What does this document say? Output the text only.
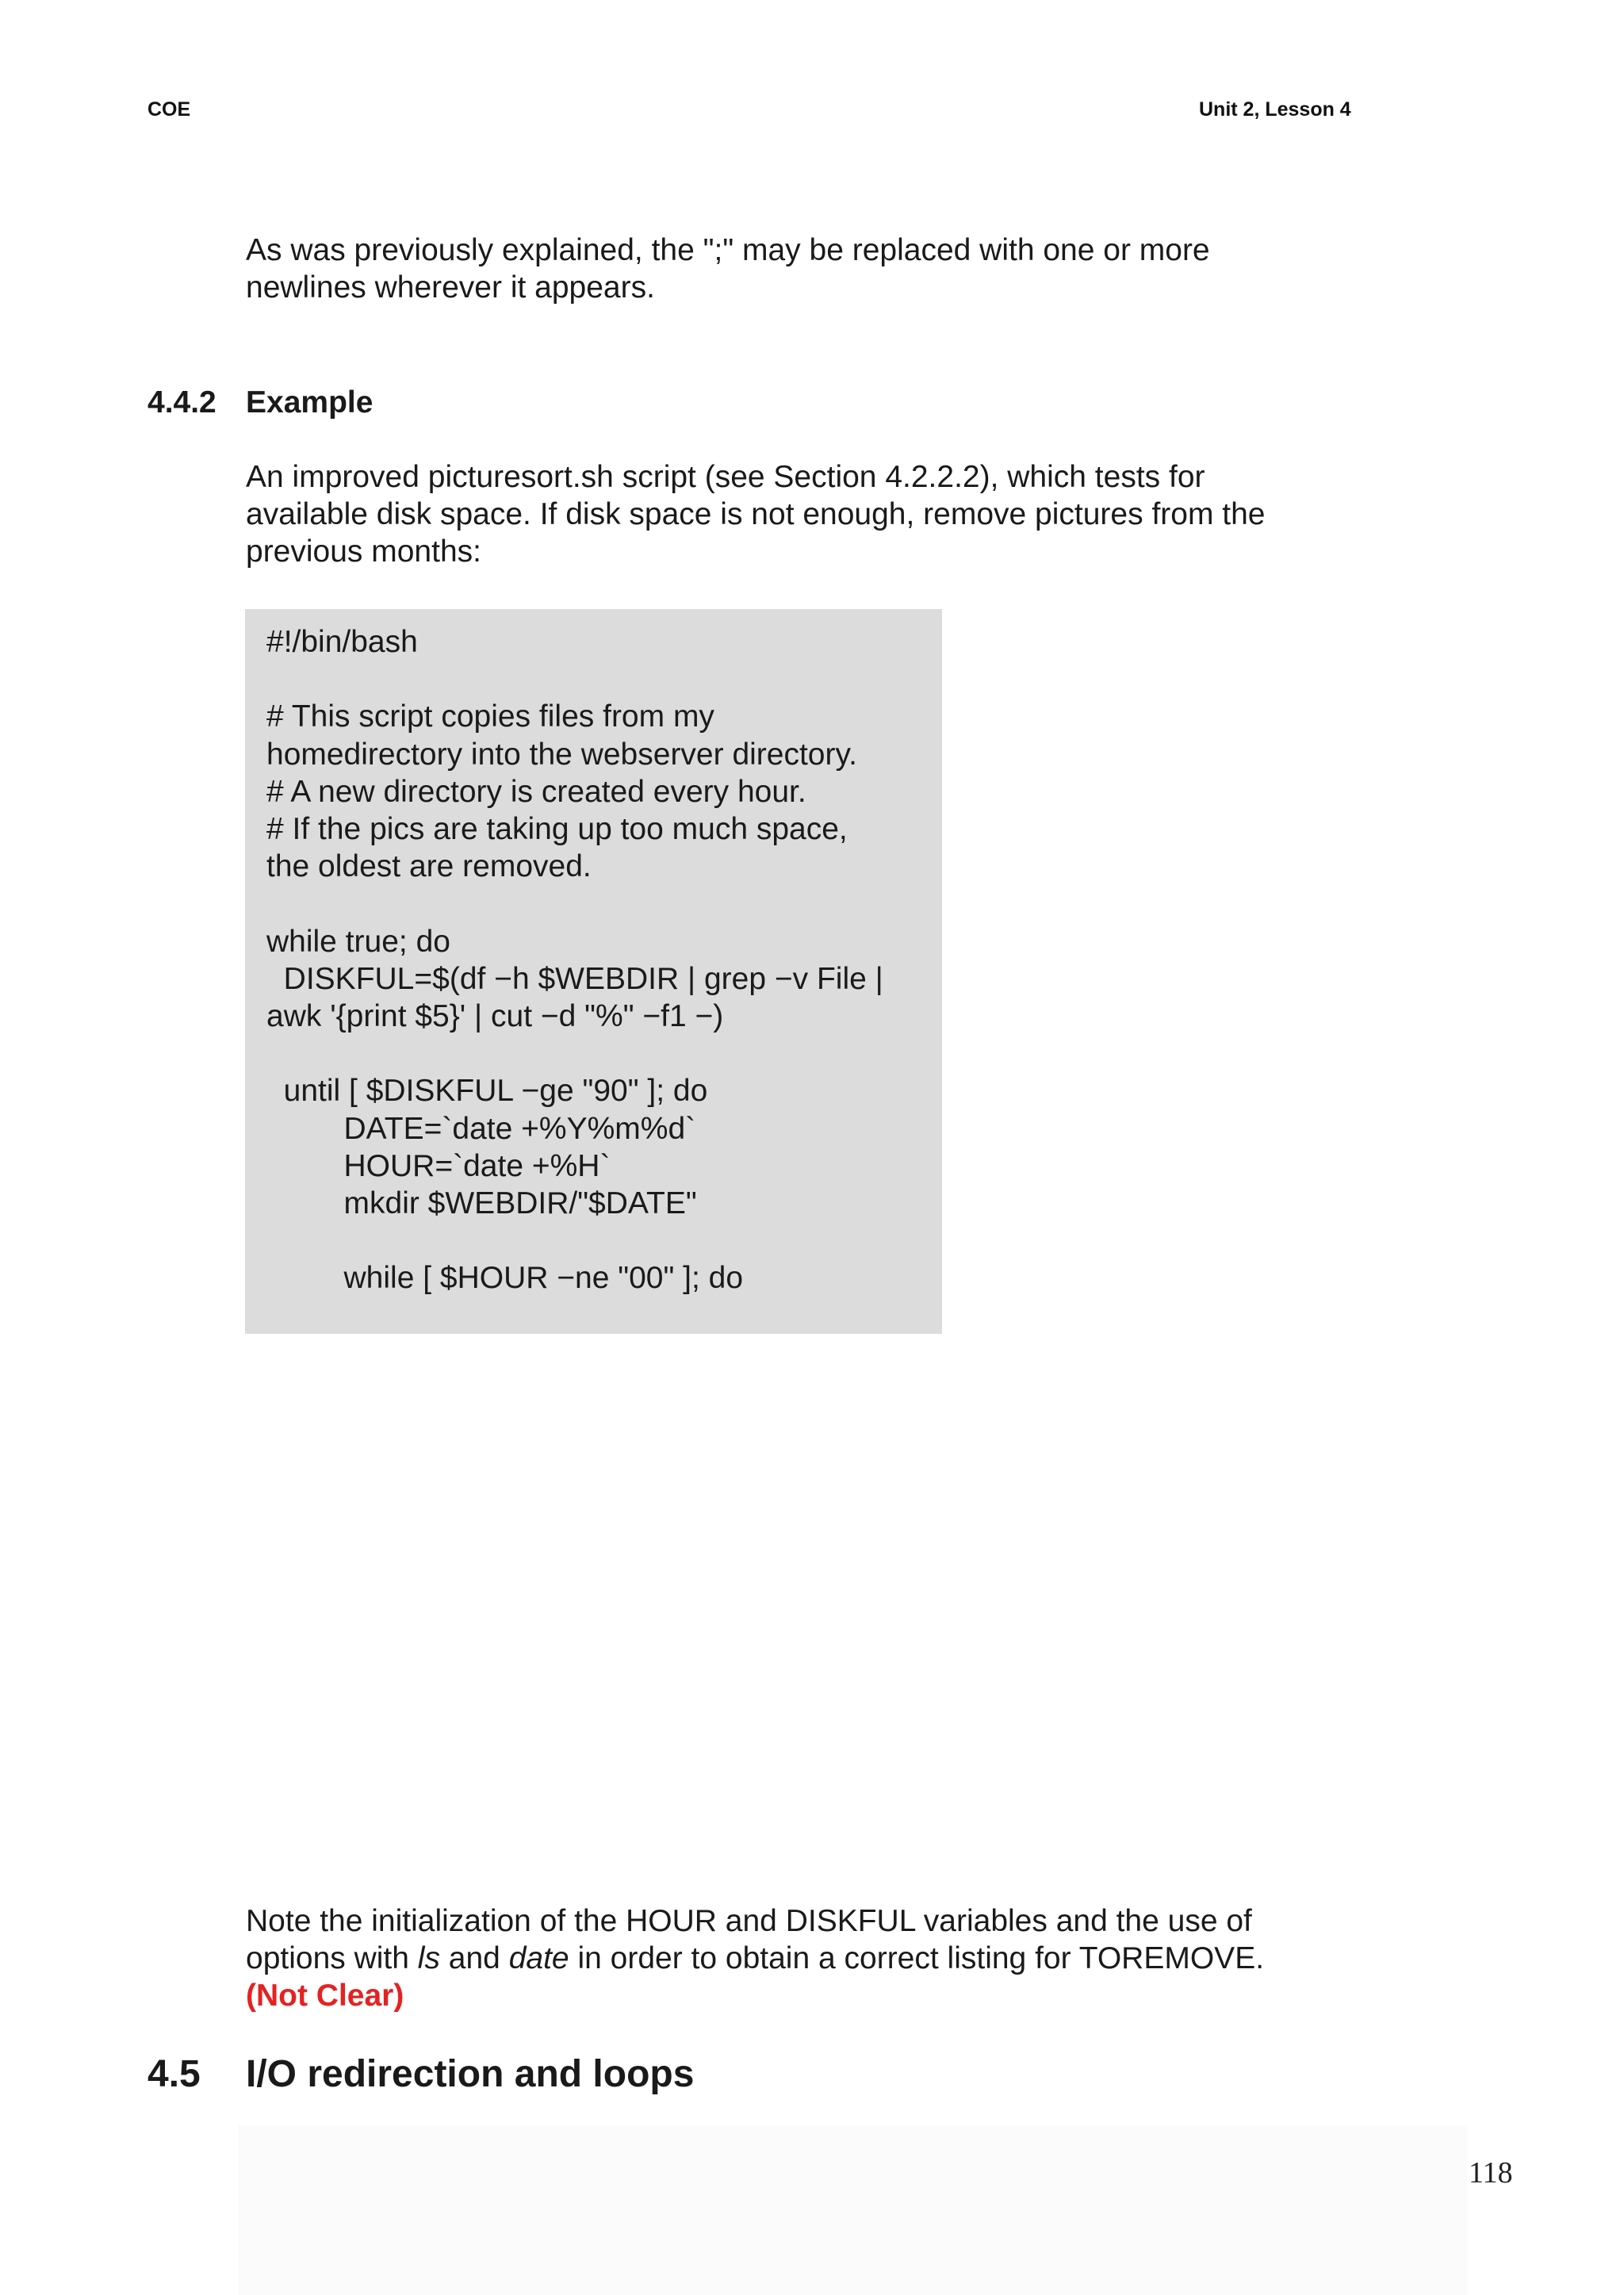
COE	Unit 2, Lesson 4

As was previously explained, the ";" may be replaced with one or more
newlines wherever it appears.

4.4.2 Example

An improved picturesort.sh script (see Section 4.2.2.2), which tests for
available disk space. If disk space is not enough, remove pictures from the
previous months:

#!/bin/bash

# This script copies files from my
homedirectory into the webserver directory.
# A new directory is created every hour.
# If the pics are taking up too much space,
the oldest are removed.

while true; do
DISKFUL=$(df −h $WEBDIR | grep −v File |
awk '{print $5}' | cut −d "%" −f1 −)

until [ $DISKFUL −ge "90" ]; do
DATE=`date +%Y%m%d`
HOUR=`date +%H`
mkdir $WEBDIR/"$DATE"

while [ $HOUR −ne "00" ]; do

Note the initialization of the HOUR and DISKFUL variables and the use of
options with ls and date in order to obtain a correct listing for TOREMOVE.
(Not Clear)

4.5 I/O redirection and loops
118
